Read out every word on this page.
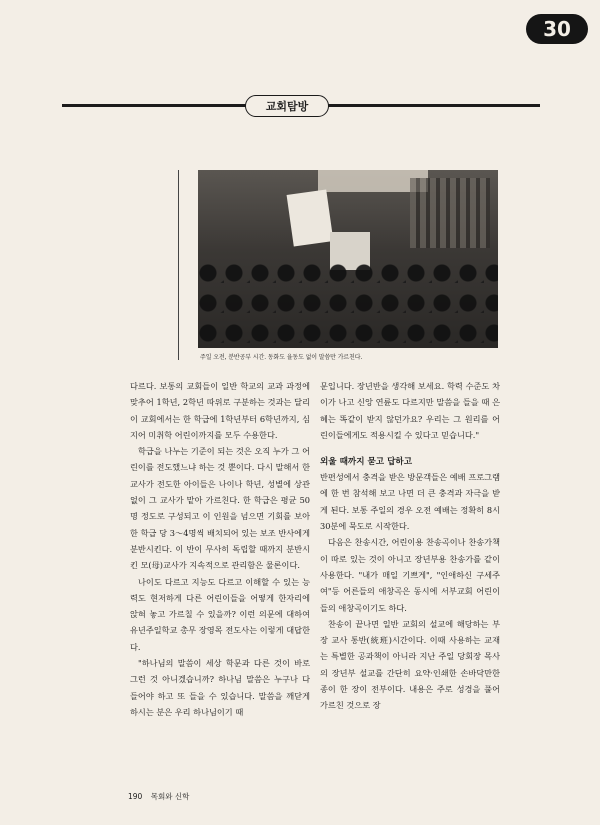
30
교회탐방
주일 오전, 분반공부 시간. 동화도 율동도 없이 말씀만 가르친다.

다르다. 보통의 교회들이 일반 학교의 교과 과정에 맞추어 1학년, 2학년 따위로 구분하는 것과는 달리 이 교회에서는 한 학급에 1학년부터 6학년까지, 심지어 미취학 어린이까지를 모두 수용한다.

학급을 나누는 기준이 되는 것은 오직 누가 그 어린이를 전도했느냐 하는 것 뿐이다. 다시 말해서 한 교사가 전도한 아이들은 나이나 학년, 성별에 상관 없이 그 교사가 맡아 가르친다. 한 학급은 평균 50명 정도로 구성되고 이 인원을 넘으면 기회를 보아 한 학급 당 3～4명씩 배치되어 있는 보조 반사에게 분반시킨다. 이 반이 무사히 독립할 때까지 분반시킨 모(母)교사가 지속적으로 관리함은 물론이다.

나이도 다르고 지능도 다르고 이해할 수 있는 능력도 현저하게 다른 어린이들을 어떻게 한자리에 앉혀 놓고 가르칠 수 있을까? 이런 의문에 대하여 유년주일학교 총무 장영목 전도사는 이렇게 대답한다.

"하나님의 말씀이 세상 학문과 다른 것이 바로 그런 것 아니겠습니까? 하나님 말씀은 누구나 다 들어야 하고 또 들을 수 있습니다. 말씀을 깨닫게 하시는 분은 우리 하나님이기 때

문입니다. 장년반을 생각해 보세요. 학력 수준도 차이가 나고 신앙 연륜도 다르지만 말씀을 들을 때 은혜는 똑같이 받지 않던가요? 우리는 그 원리를 어린이들에게도 적용시킬 수 있다고 믿습니다."

외울 때까지 묻고 답하고

반편성에서 충격을 받은 방문객들은 예배 프로그램에 한 번 참석해 보고 나면 더 큰 충격과 자극을 받게 된다. 보통 주일의 경우 오전 예배는 정확히 8시 30분에 묵도로 시작한다.

다음은 찬송시간, 어린이용 찬송곡이나 찬송가책이 따로 있는 것이 아니고 장년부용 찬송가를 같이 사용한다. "내가 매일 기쁘게", "인애하신 구세주여"등 어른들의 애창곡은 동시에 서부교회 어린이들의 애창곡이기도 하다.

찬송이 끝나면 일반 교회의 설교에 해당하는 부장 교사 통반(統班)시간이다. 이때 사용하는 교재는 특별한 공과책이 아니라 지난 주일 당회장 목사의 장년부 설교를 간단히 요약·인쇄한 손바닥만한 종이 한 장이 전부이다. 내용은 주로 성경을 풀어 가르친 것으로 장

190 목회와 신학
